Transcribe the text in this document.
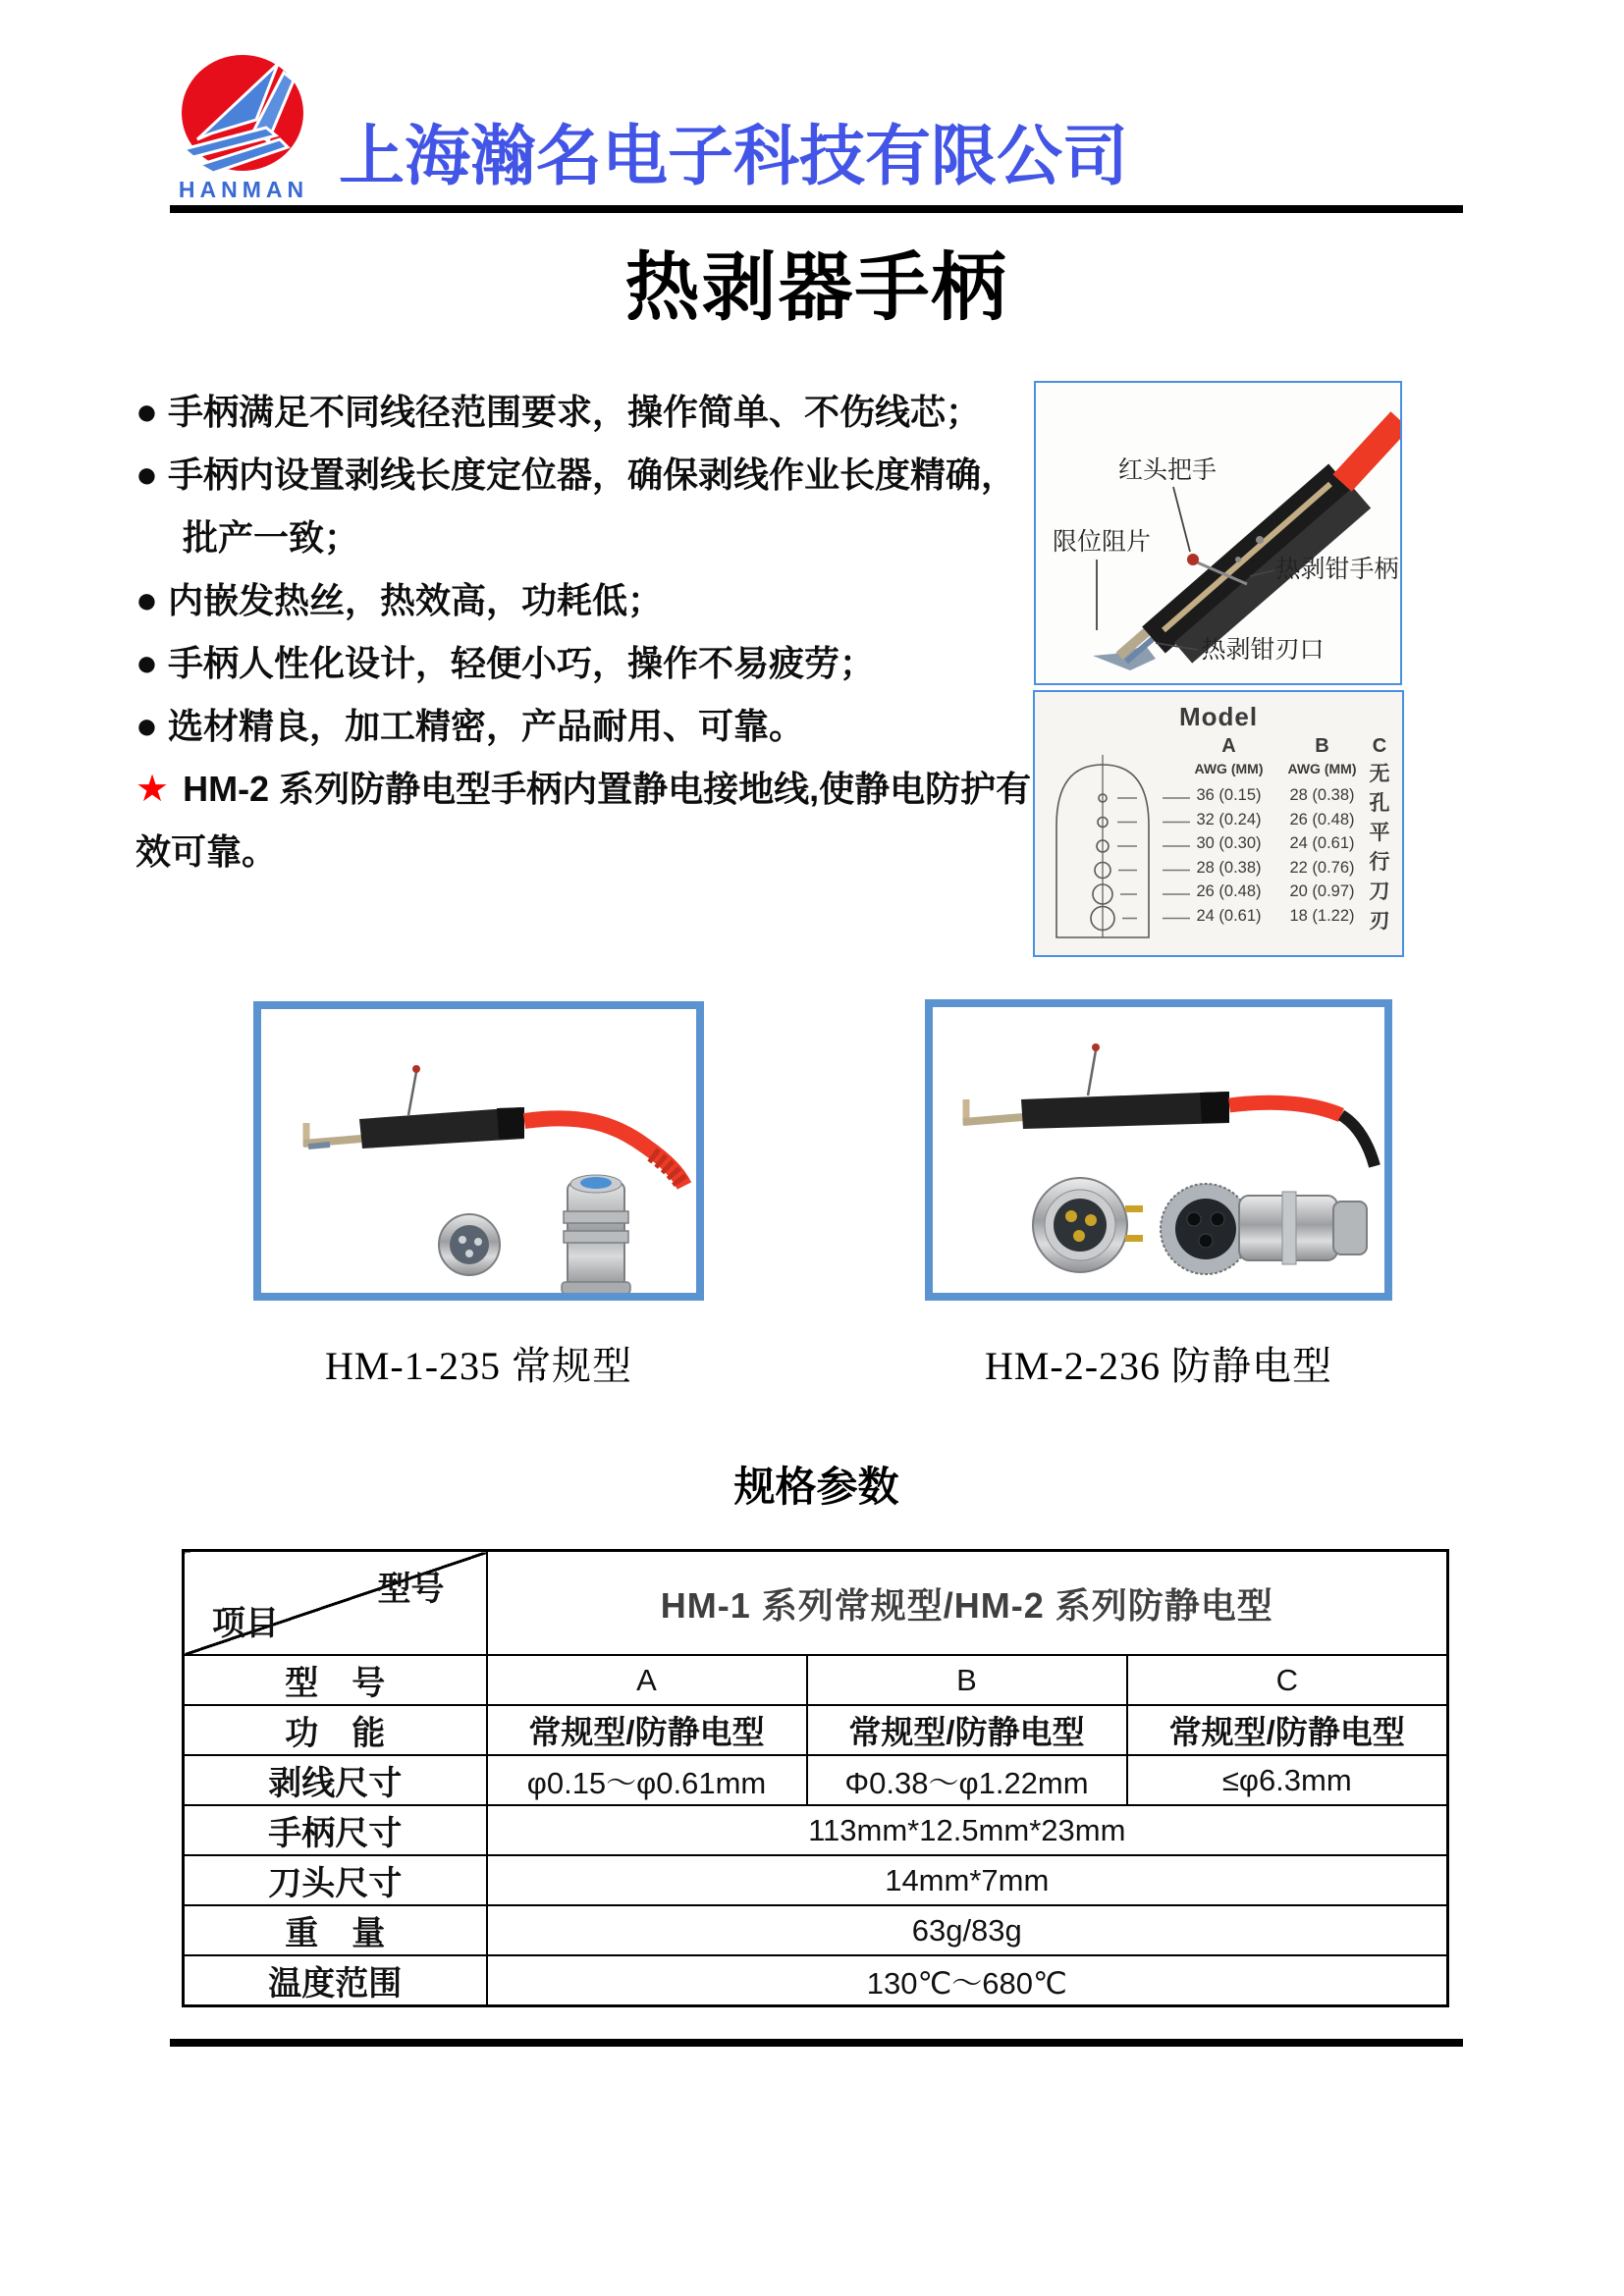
HANMAN 上海瀚名电子科技有限公司
热剥器手柄
● 手柄满足不同线径范围要求，操作简单、不伤线芯；
● 手柄内设置剥线长度定位器，确保剥线作业长度精确，批产一致；
● 内嵌发热丝，热效高，功耗低；
● 手柄人性化设计，轻便小巧，操作不易疲劳；
● 选材精良，加工精密，产品耐用、可靠。
★ HM-2 系列防静电型手柄内置静电接地线,使静电防护有效可靠。
红头把手
限位阻片
热剥钳手柄
热剥钳刃口
Model
A	B
AWG (MM)	AWG (MM)
36 (0.15)	28 (0.38)
32 (0.24)	26 (0.48)
30 (0.30)	24 (0.61)
28 (0.38)	22 (0.76)
26 (0.48)	20 (0.97)
24 (0.61)	18 (1.22)
C
无
孔
平
行
刀
刃
HM-1-235 常规型	HM-2-236 防静电型
规格参数
型号
项目	HM-1 系列常规型/HM-2 系列防静电型		
型　号	A	B	C
功　能	常规型/防静电型	常规型/防静电型	常规型/防静电型
剥线尺寸	φ0.15～φ0.61mm	Φ0.38～φ1.22mm	≤φ6.3mm
手柄尺寸	113mm*12.5mm*23mm		
刀头尺寸	14mm*7mm		
重　量	63g/83g		
温度范围	130℃～680℃		
